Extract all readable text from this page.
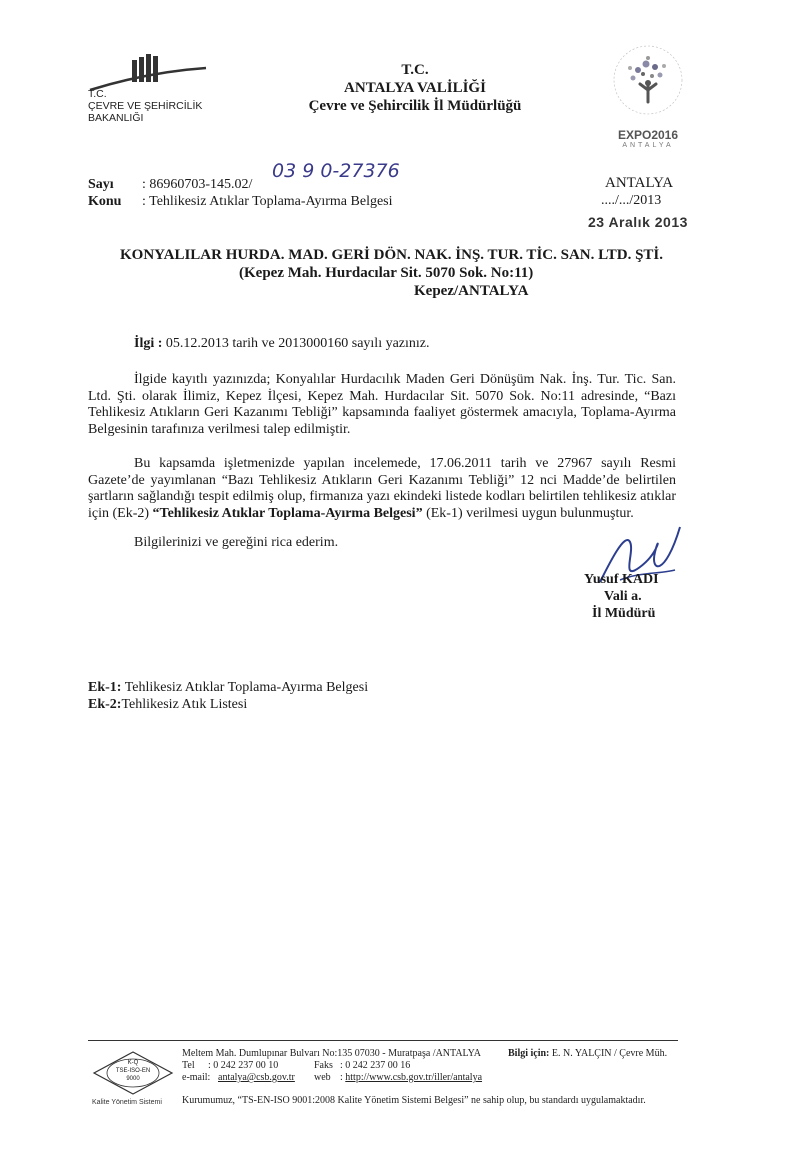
T.C.
ÇEVRE VE ŞEHİRCİLİK
BAKANLIĞI
T.C.
ANTALYA VALİLİĞİ
Çevre ve Şehircilik İl Müdürlüğü
EXPO2016
ANTALYA
Sayı : 86960703-145.02/
03 9 0-27376
Konu : Tehlikesiz Atıklar Toplama-Ayırma Belgesi
ANTALYA
..../.../2013
23 Aralık 2013
KONYALILAR HURDA. MAD. GERİ DÖN. NAK. İNŞ. TUR. TİC. SAN. LTD. ŞTİ.
(Kepez Mah. Hurdacılar Sit. 5070 Sok. No:11)
Kepez/ANTALYA
İlgi : 05.12.2013 tarih ve 2013000160 sayılı yazınız.
İlgide kayıtlı yazınızda; Konyalılar Hurdacılık Maden Geri Dönüşüm Nak. İnş. Tur. Tic. San. Ltd. Şti. olarak İlimiz, Kepez İlçesi, Kepez Mah. Hurdacılar Sit. 5070 Sok. No:11 adresinde, “Bazı Tehlikesiz Atıkların Geri Kazanımı Tebliği” kapsamında faaliyet göstermek amacıyla, Toplama-Ayırma Belgesinin tarafınıza verilmesi talep edilmiştir.
Bu kapsamda işletmenizde yapılan incelemede, 17.06.2011 tarih ve 27967 sayılı Resmi Gazete’de yayımlanan “Bazı Tehlikesiz Atıkların Geri Kazanımı Tebliği” 12 nci Madde’de belirtilen şartların sağlandığı tespit edilmiş olup, firmanıza yazı ekindeki listede kodları belirtilen tehlikesiz atıklar için (Ek-2) “Tehlikesiz Atıklar Toplama-Ayırma Belgesi” (Ek-1) verilmesi uygun bulunmuştur.
Bilgilerinizi ve gereğini rica ederim.
Yusuf KADI
Vali a.
İl Müdürü
Ek-1: Tehlikesiz Atıklar Toplama-Ayırma Belgesi
Ek-2:Tehlikesiz Atık Listesi
K-Q
TSE-ISO-EN
9000
Kalite Yönetim Sistemi
Meltem Mah. Dumlupınar Bulvarı No:135 07030 - Muratpaşa /ANTALYA	Bilgi için: E. N. YALÇIN / Çevre Müh.
Tel : 0 242 237 00 10	Faks : 0 242 237 00 16
e-mail: antalya@csb.gov.tr web : http://www.csb.gov.tr/iller/antalya
Kurumumuz, “TS-EN-ISO 9001:2008 Kalite Yönetim Sistemi Belgesi” ne sahip olup, bu standardı uygulamaktadır.
